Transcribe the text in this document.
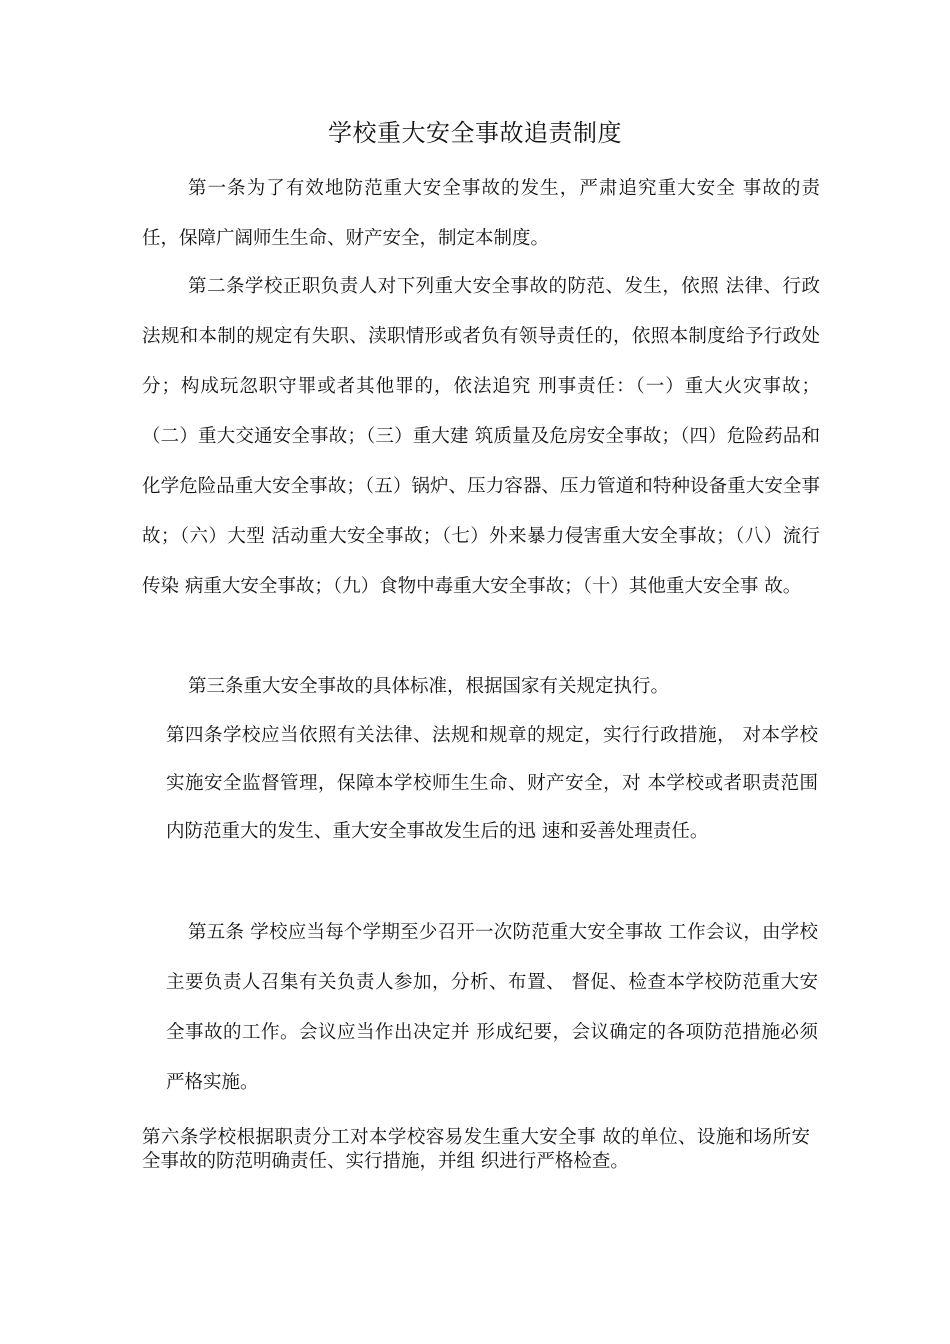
学校重大安全事故追责制度

第一条为了有效地防范重大安全事故的发生，严肃追究重大安全 事故的责任，保障广阔师生生命、财产安全，制定本制度。

第二条学校正职负责人对下列重大安全事故的防范、发生，依照 法律、行政法规和本制的规定有失职、渎职情形或者负有领导责任的，依照本制度给予行政处分；构成玩忽职守罪或者其他罪的，依法追究 刑事责任：（一）重大火灾事故；（二）重大交通安全事故；（三）重大建 筑质量及危房安全事故；（四）危险药品和化学危险品重大安全事故；（五）锅炉、压力容器、压力管道和特种设备重大安全事故；（六）大型 活动重大安全事故；（七）外来暴力侵害重大安全事故；（八）流行传染 病重大安全事故；（九）食物中毒重大安全事故；（十）其他重大安全事 故。

第三条重大安全事故的具体标准，根据国家有关规定执行。

第四条学校应当依照有关法律、法规和规章的规定，实行行政措施， 对本学校实施安全监督管理，保障本学校师生生命、财产安全，对 本学校或者职责范围内防范重大的发生、重大安全事故发生后的迅 速和妥善处理责任。

第五条 学校应当每个学期至少召开一次防范重大安全事故 工作会议，由学校主要负责人召集有关负责人参加，分析、布置、 督促、检查本学校防范重大安全事故的工作。会议应当作出决定并 形成纪要，会议确定的各项防范措施必须严格实施。

第六条学校根据职责分工对本学校容易发生重大安全事 故的单位、设施和场所安全事故的防范明确责任、实行措施，并组 织进行严格检查。
